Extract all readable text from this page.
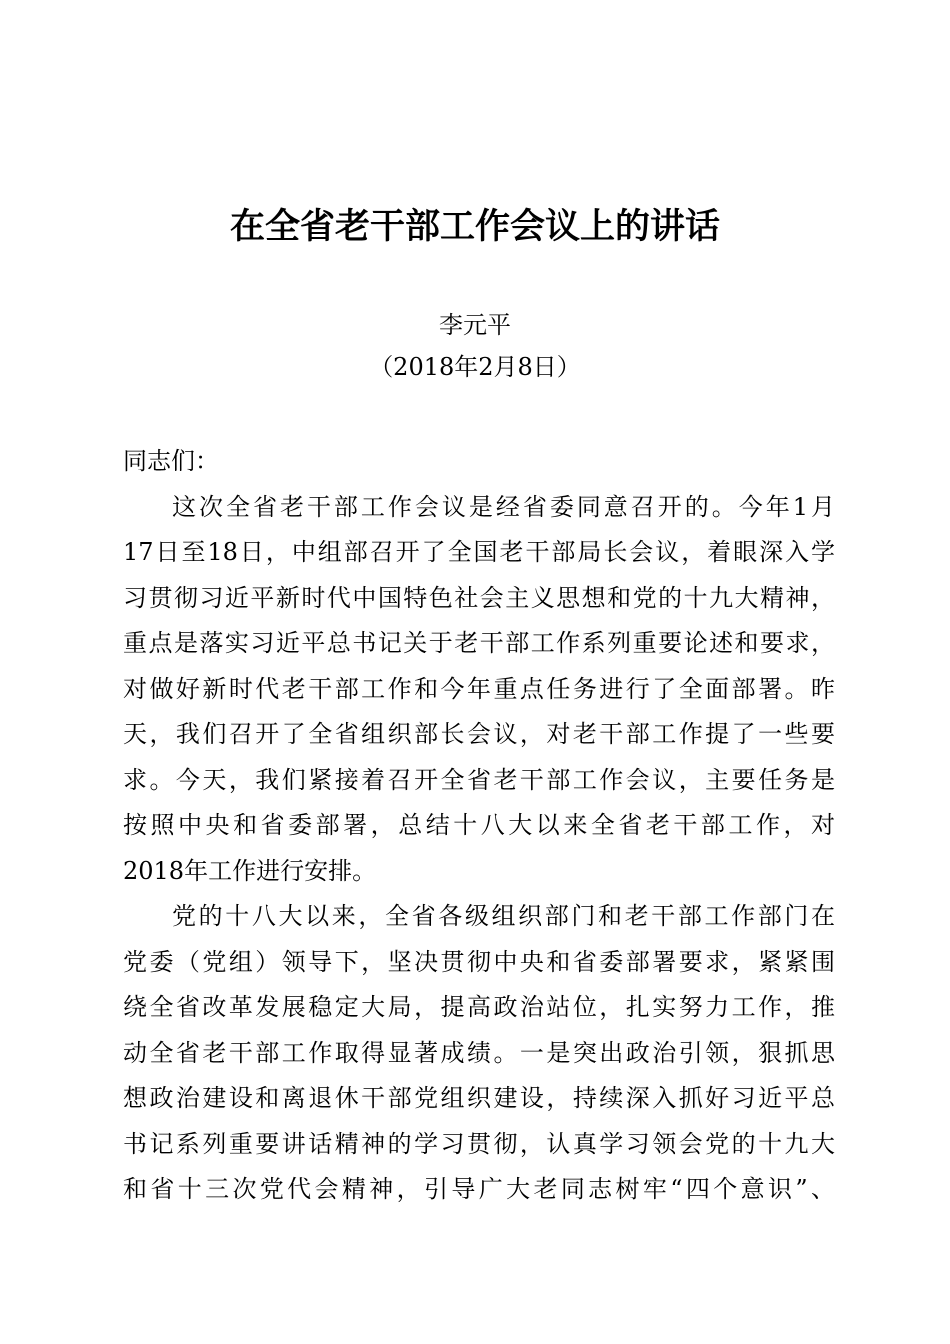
在全省老干部工作会议上的讲话
李元平
（2018年2月8日）
同志们：
这次全省老干部工作会议是经省委同意召开的。今年1月
17日至18日，中组部召开了全国老干部局长会议，着眼深入学
习贯彻习近平新时代中国特色社会主义思想和党的十九大精神，
重点是落实习近平总书记关于老干部工作系列重要论述和要求，
对做好新时代老干部工作和今年重点任务进行了全面部署。昨
天，我们召开了全省组织部长会议，对老干部工作提了一些要
求。今天，我们紧接着召开全省老干部工作会议，主要任务是
按照中央和省委部署，总结十八大以来全省老干部工作，对
2018年工作进行安排。
党的十八大以来，全省各级组织部门和老干部工作部门在
党委（党组）领导下，坚决贯彻中央和省委部署要求，紧紧围
绕全省改革发展稳定大局，提高政治站位，扎实努力工作，推
动全省老干部工作取得显著成绩。一是突出政治引领，狠抓思
想政治建设和离退休干部党组织建设，持续深入抓好习近平总
书记系列重要讲话精神的学习贯彻，认真学习领会党的十九大
和省十三次党代会精神，引导广大老同志树牢“四个意识”、
